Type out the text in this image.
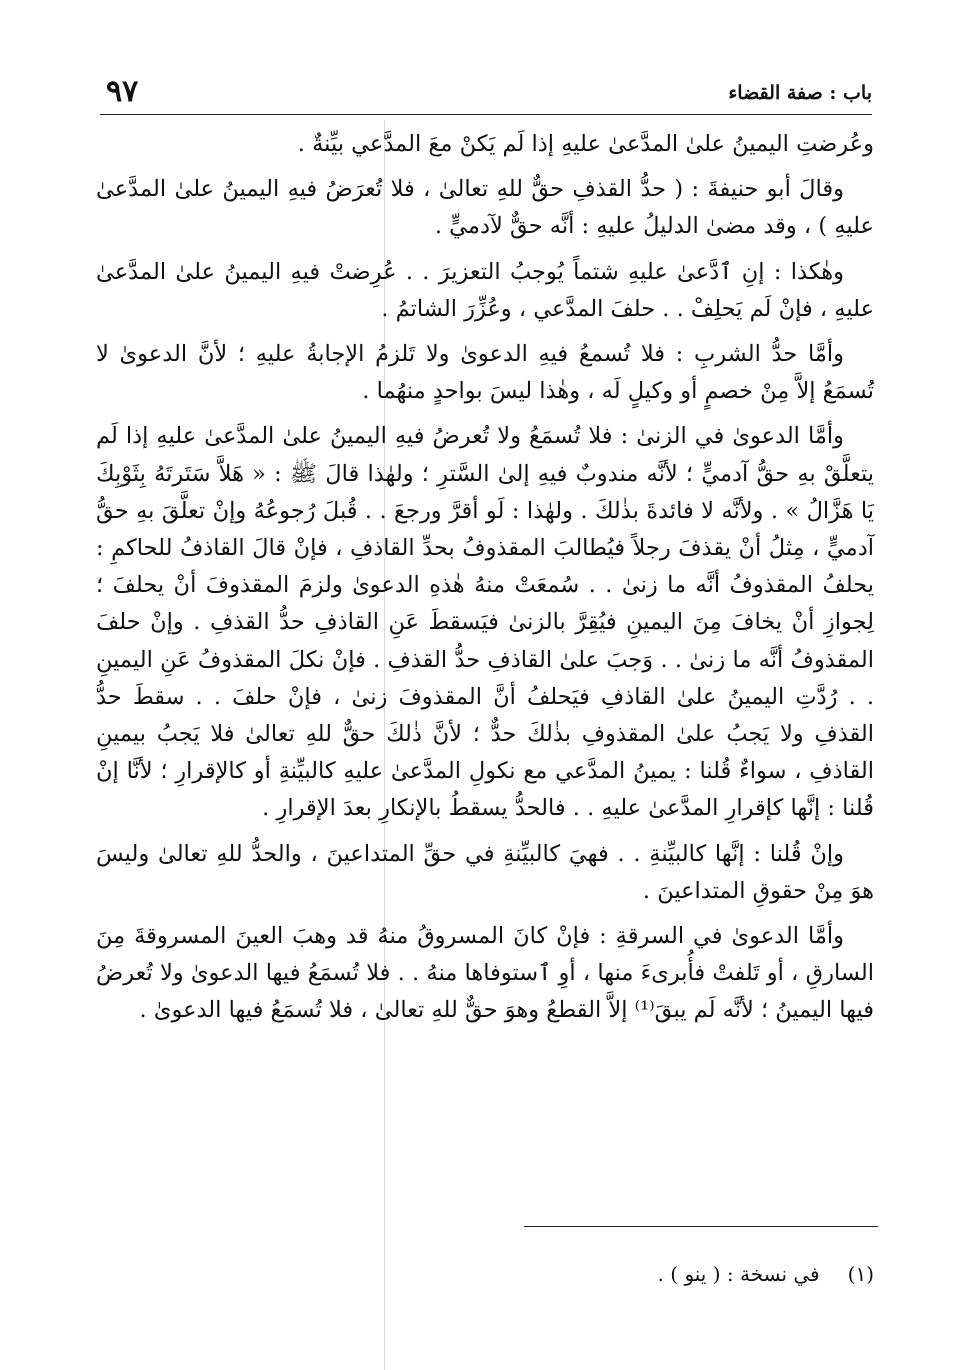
باب : صفة القضاء
٩٧

وعُرضتِ اليمينُ علىٰ المدَّعىٰ عليهِ إذا لَم يَكنْ معَ المدَّعي بيِّنةٌ .

وقالَ أبو حنيفةَ : ( حدُّ القذفِ حقٌّ للهِ تعالىٰ ، فلا تُعرَضُ فيهِ اليمينُ علىٰ المدَّعىٰ عليهِ ) ، وقد مضىٰ الدليلُ عليهِ : أنَّه حقٌّ لآدميٍّ .

وهٰكذا : إنِ ٱدَّعىٰ عليهِ شتماً يُوجبُ التعزيرَ . . عُرِضتْ فيهِ اليمينُ علىٰ المدَّعىٰ عليهِ ، فإنْ لَم يَحلِفْ . . حلفَ المدَّعي ، وعُزِّرَ الشاتمُ .

وأمَّا حدُّ الشربِ : فلا تُسمعُ فيهِ الدعوىٰ ولا تَلزمُ الإجابةُ عليهِ ؛ لأنَّ الدعوىٰ لا تُسمَعُ إلاَّ مِنْ خصمٍ أو وكيلٍ لَه ، وهٰذا ليسَ بواحدٍ منهُما .

وأمَّا الدعوىٰ في الزنىٰ : فلا تُسمَعُ ولا تُعرضُ فيهِ اليمينُ علىٰ المدَّعىٰ عليهِ إذا لَم يتعلَّقْ بهِ حقُّ آدميٍّ ؛ لأنَّه مندوبٌ فيهِ إلىٰ السَّترِ ؛ ولهٰذا قالَ ﷺ : « هَلاَّ سَتَرتَهُ بِثَوْبِكَ يَا هَزَّالُ » . ولأنَّه لا فائدةَ بذٰلكَ . ولهٰذا : لَو أقرَّ ورجعَ . . قُبلَ رُجوعُهُ وإنْ تعلَّقَ بهِ حقُّ آدميٍّ ، مِثلُ أنْ يقذفَ رجلاً فيُطالبَ المقذوفُ بحدِّ القاذفِ ، فإنْ قالَ القاذفُ للحاكمِ : يحلفُ المقذوفُ أنَّه ما زنىٰ . . سُمعَتْ منهُ هٰذهِ الدعوىٰ ولزمَ المقذوفَ أنْ يحلفَ ؛ لِجوازِ أنْ يخافَ مِنَ اليمينِ فيُقِرَّ بالزنىٰ فيَسقطَ عَنِ القاذفِ حدُّ القذفِ . وإنْ حلفَ المقذوفُ أنَّه ما زنىٰ . . وَجبَ علىٰ القاذفِ حدُّ القذفِ . فإنْ نكلَ المقذوفُ عَنِ اليمينِ . . رُدَّتِ اليمينُ علىٰ القاذفِ فيَحلفُ أنَّ المقذوفَ زنىٰ ، فإنْ حلفَ . . سقطَ حدُّ القذفِ ولا يَجبُ علىٰ المقذوفِ بذٰلكَ حدٌّ ؛ لأنَّ ذٰلكَ حقٌّ للهِ تعالىٰ فلا يَجبُ بيمينِ القاذفِ ، سواءٌ قُلنا : يمينُ المدَّعي مع نكولِ المدَّعىٰ عليهِ كالبيِّنةِ أو كالإقرارِ ؛ لأنَّا إنْ قُلنا : إنَّها كإقرارِ المدَّعىٰ عليهِ . . فالحدُّ يسقطُ بالإنكارِ بعدَ الإقرارِ .

وإنْ قُلنا : إنَّها كالبيِّنةِ . . فهيَ كالبيِّنةِ في حقِّ المتداعينَ ، والحدُّ للهِ تعالىٰ وليسَ هوَ مِنْ حقوقِ المتداعينَ .

وأمَّا الدعوىٰ في السرقةِ : فإنْ كانَ المسروقُ منهُ قد وهبَ العينَ المسروقةَ مِنَ السارقِ ، أو تَلفتْ فأُبرىءَ منها ، أوِ ٱستوفاها منهُ . . فلا تُسمَعُ فيها الدعوىٰ ولا تُعرضُ فيها اليمينُ ؛ لأنَّه لَم يبقَ⁽¹⁾ إلاَّ القطعُ وهوَ حقٌّ للهِ تعالىٰ ، فلا تُسمَعُ فيها الدعوىٰ .

(١)
في نسخة : ( ينو ) .
